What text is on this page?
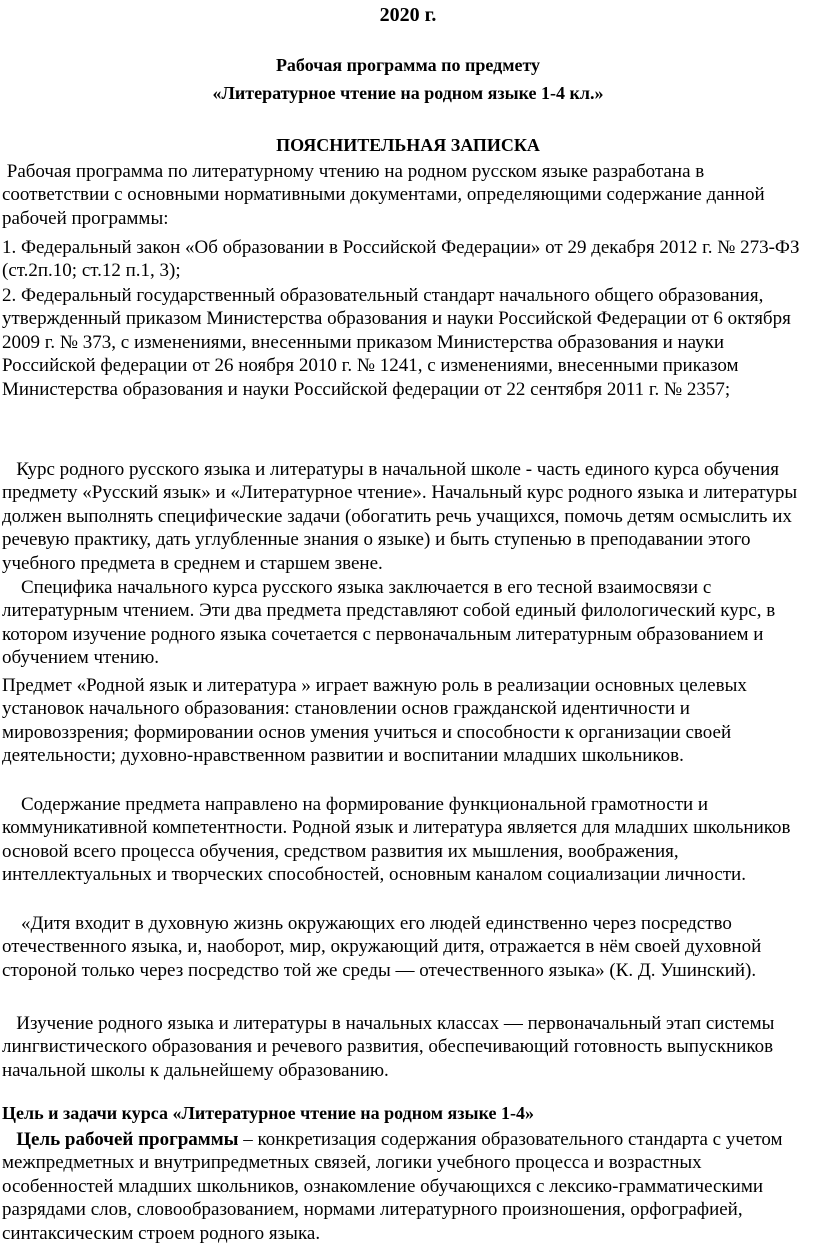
2020 г.
Рабочая программа по предмету
«Литературное чтение на родном языке 1-4 кл.»
ПОЯСНИТЕЛЬНАЯ ЗАПИСКА

Рабочая программа по литературному чтению на родном русском языке разработана в соответствии с основными нормативными документами, определяющими содержание данной рабочей программы:

1. Федеральный закон «Об образовании в Российской Федерации» от 29 декабря 2012 г. № 273-ФЗ (ст.2п.10; ст.12 п.1, 3);

2. Федеральный государственный образовательный стандарт начального общего образования, утвержденный приказом Министерства образования и науки Российской Федерации от 6 октября 2009 г. № 373, с изменениями, внесенными приказом Министерства образования и науки Российской федерации от 26 ноября 2010 г. № 1241, с изменениями, внесенными приказом Министерства образования и науки Российской федерации от 22 сентября 2011 г. № 2357;

Курс родного русского языка и литературы в начальной школе - часть единого курса обучения предмету «Русский язык» и «Литературное чтение». Начальный курс родного языка и литературы должен выполнять специфические задачи (обогатить речь учащихся, помочь детям осмыслить их речевую практику, дать углубленные знания о языке) и быть ступенью в преподавании этого учебного предмета в среднем и старшем звене.

Специфика начального курса русского языка заключается в его тесной взаимосвязи с литературным чтением. Эти два предмета представляют собой единый филологический курс, в котором изучение родного языка сочетается с первоначальным литературным образованием и обучением чтению.

Предмет «Родной язык и литература » играет важную роль в реализации основных целевых установок начального образования: становлении основ гражданской идентичности и мировоззрения; формировании основ умения учиться и способности к организации своей деятельности; духовно-нравственном развитии и воспитании младших школьников.

Содержание предмета направлено на формирование функциональной грамотности и коммуникативной компетентности. Родной язык и литература является для младших школьников основой всего процесса обучения, средством развития их мышления, воображения, интеллектуальных и творческих способностей, основным каналом социализации личности.

«Дитя входит в духовную жизнь окружающих его людей единственно через посредство отечественного языка, и, наоборот, мир, окружающий дитя, отражается в нём своей духовной стороной только через посредство той же среды — отечественного языка» (К. Д. Ушинский).

Изучение родного языка и литературы в начальных классах — первоначальный этап системы лингвистического образования и речевого развития, обеспечивающий готовность выпускников начальной школы к дальнейшему образованию.

Цель и задачи курса «Литературное чтение на родном языке 1-4»

Цель рабочей программы – конкретизация содержания образовательного стандарта с учетом межпредметных и внутрипредметных связей, логики учебного процесса и возрастных особенностей младших школьников, ознакомление обучающихся с лексико-грамматическими разрядами слов, словообразованием, нормами литературного произношения, орфографией, синтаксическим строем родного языка.
